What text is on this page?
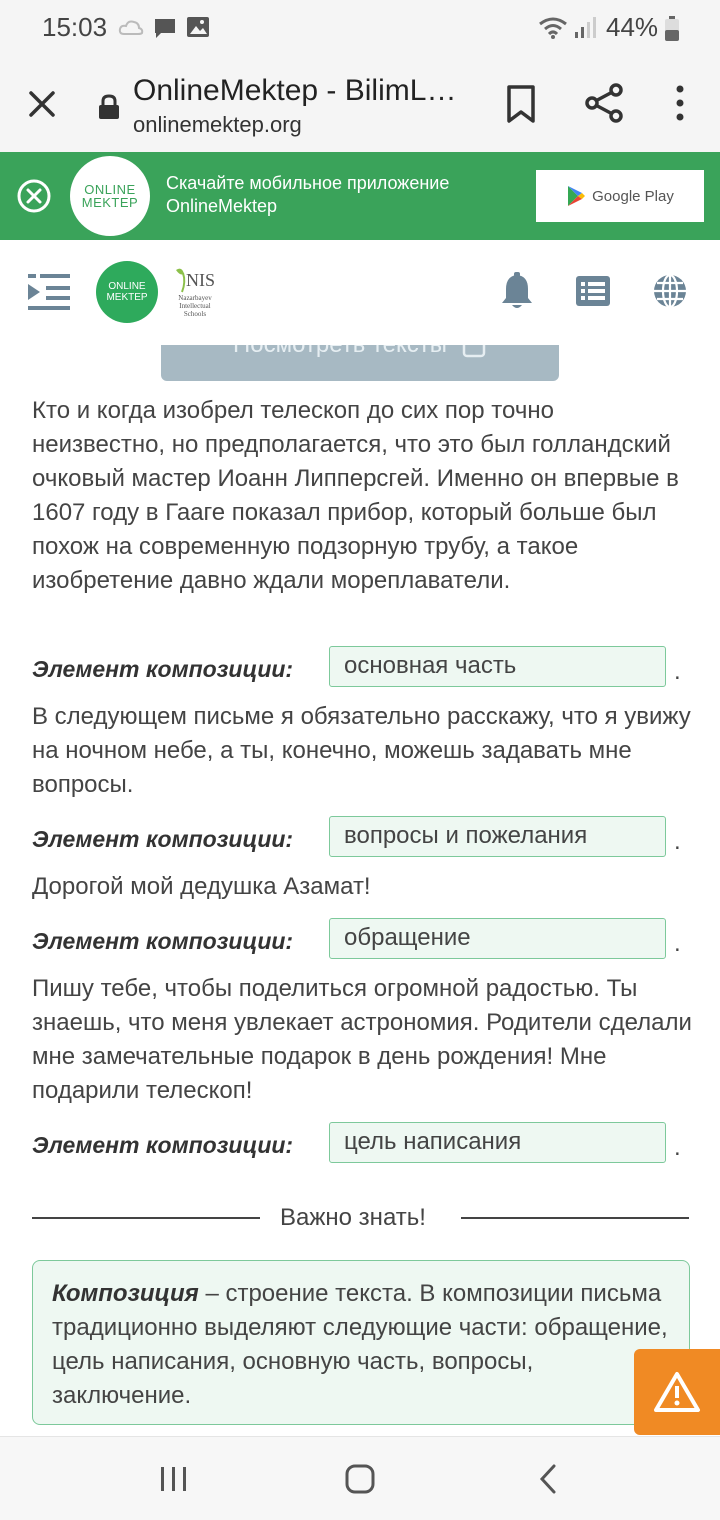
15:03	44%
OnlineMektep - BilimL…
onlinemektep.org
ONLINE
MEKTEP
Скачайте мобильное приложение
OnlineMektep	Google Play
ONLINE
MEKTEP
NIS
Nazarbayev Intellectual Schools
Кто и когда изобрел телескоп до сих пор точно неизвестно, но предполагается, что это был голландский очковый мастер Иоанн Липперсгей. Именно он впервые в 1607 году в Гааге показал прибор, который больше был похож на современную подзорную трубу, а такое изобретение давно ждали мореплаватели.
Элемент композиции:	основная часть	.
В следующем письме я обязательно расскажу, что я увижу на ночном небе, а ты, конечно, можешь задавать мне вопросы.
Элемент композиции:	вопросы и пожелания	.
Дорогой мой дедушка Азамат!
Элемент композиции:	обращение	.
Пишу тебе, чтобы поделиться огромной радостью. Ты знаешь, что меня увлекает астрономия. Родители сделали мне замечательные подарок в день рождения! Мне подарили телескоп!
Элемент композиции:	цель написания	.
Важно знать!
Композиция – строение текста. В композиции письма традиционно выделяют следующие части: обращение, цель написания, основную часть, вопросы, заключение.
